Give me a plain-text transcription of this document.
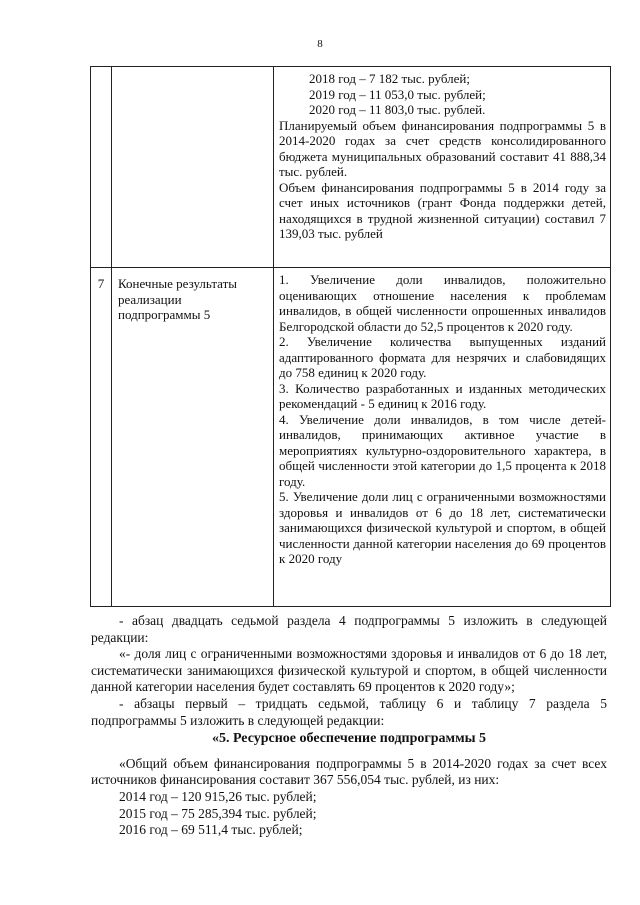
8

		2018 год – 7 182 тыс. рублей;
2019 год – 11 053,0 тыс. рублей;
2020 год – 11 803,0 тыс. рублей.
Планируемый объем финансирования подпрограммы 5 в 2014-2020 годах за счет средств консолидированного бюджета муниципальных образований составит 41 888,34 тыс. рублей.
Объем финансирования подпрограммы 5 в 2014 году за счет иных источников (грант Фонда поддержки детей, находящихся в трудной жизненной ситуации) составил 7 139,03 тыс. рублей

7	Конечные результаты реализации подпрограммы 5	1. Увеличение доли инвалидов, положительно оценивающих отношение населения к проблемам инвалидов, в общей численности опрошенных инвалидов Белгородской области до 52,5 процентов к 2020 году.
2. Увеличение количества выпущенных изданий адаптированного формата для незрячих и слабовидящих до 758 единиц к 2020 году.
3. Количество разработанных и изданных методических рекомендаций - 5 единиц к 2016 году.
4. Увеличение доли инвалидов, в том числе детей-инвалидов, принимающих активное участие в мероприятиях культурно-оздоровительного характера, в общей численности этой категории до 1,5 процента к 2018 году.
5. Увеличение доли лиц с ограниченными возможностями здоровья и инвалидов от 6 до 18 лет, систематически занимающихся физической культурой и спортом, в общей численности данной категории населения до 69 процентов к 2020 году

- абзац двадцать седьмой раздела 4 подпрограммы 5 изложить в следующей редакции:

«- доля лиц с ограниченными возможностями здоровья и инвалидов от 6 до 18 лет, систематически занимающихся физической культурой и спортом, в общей численности данной категории населения будет составлять 69 процентов к 2020 году»;

- абзацы первый – тридцать седьмой, таблицу 6 и таблицу 7 раздела 5 подпрограммы 5 изложить в следующей редакции:

«5. Ресурсное обеспечение подпрограммы 5

«Общий объем финансирования подпрограммы 5 в 2014-2020 годах за счет всех источников финансирования составит 367 556,054 тыс. рублей, из них:

2014 год – 120 915,26 тыс. рублей;

2015 год – 75 285,394 тыс. рублей;

2016 год – 69 511,4 тыс. рублей;
